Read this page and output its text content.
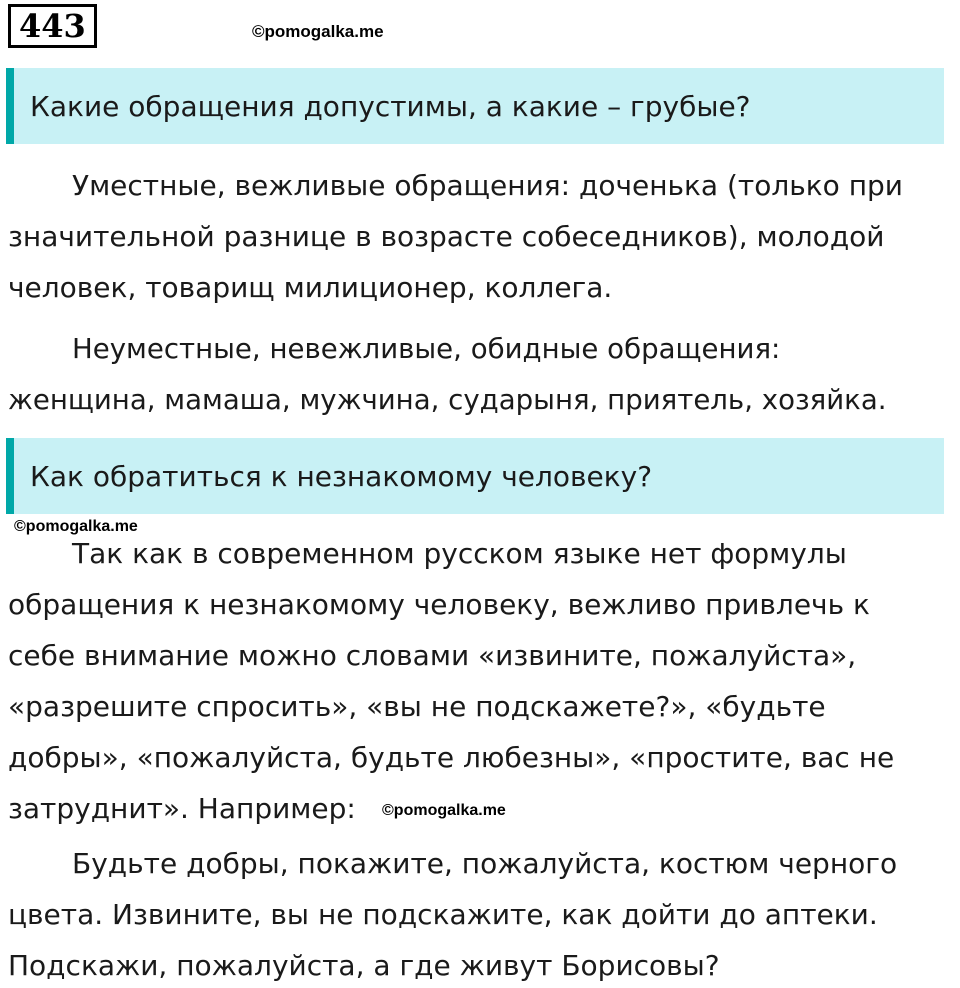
443	©pomogalka.me
Какие обращения допустимы, а какие – грубые?
Уместные, вежливые обращения: доченька (только при
значительной разнице в возрасте собеседников), молодой
человек, товарищ милиционер, коллега.
Неуместные, невежливые, обидные обращения:
женщина, мамаша, мужчина, сударыня, приятель, хозяйка.
Как обратиться к незнакомому человеку?
©pomogalka.me
Так как в современном русском языке нет формулы
обращения к незнакомому человеку, вежливо привлечь к
себе внимание можно словами «извините, пожалуйста»,
«разрешите спросить», «вы не подскажете?», «будьте
добры», «пожалуйста, будьте любезны», «простите, вас не
затруднит». Например:	©pomogalka.me
Будьте добры, покажите, пожалуйста, костюм черного
цвета. Извините, вы не подскажите, как дойти до аптеки.
Подскажи, пожалуйста, а где живут Борисовы?
